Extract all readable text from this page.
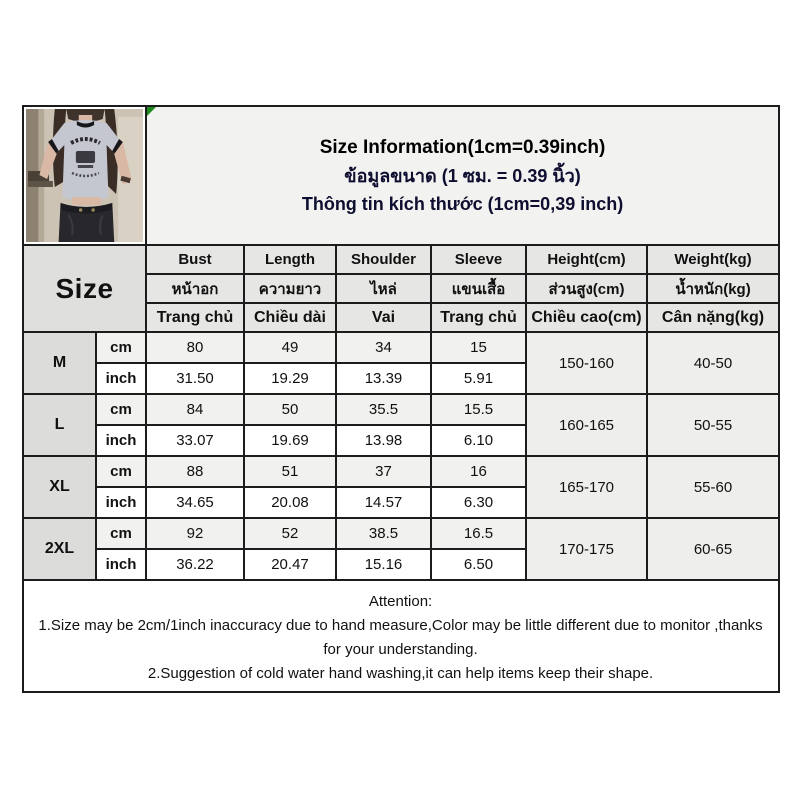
Size Information(1cm=0.39inch)
ข้อมูลขนาด (1 ซม. = 0.39 นิ้ว)
Thông tin kích thước (1cm=0,39 inch)					

Size		Bust	Length	Shoulder	Sleeve	Height(cm)	Weight(kg)
		หน้าอก	ความยาว	ไหล่	แขนเสื้อ	ส่วนสูง(cm)	น้ำหนัก(kg)
		Trang chủ	Chiều dài	Vai	Trang chủ	Chiều cao(cm)	Cân nặng(kg)
M	cm	80	49	34	15	150-160	40-50
	inch	31.50	19.29	13.39	5.91		
L	cm	84	50	35.5	15.5	160-165	50-55
	inch	33.07	19.69	13.98	6.10		
XL	cm	88	51	37	16	165-170	55-60
	inch	34.65	20.08	14.57	6.30		
2XL	cm	92	52	38.5	16.5	170-175	60-65
	inch	36.22	20.47	15.16	6.50		

Attention:
1.Size may be 2cm/1inch inaccuracy due to hand measure,Color may be little different due to monitor ,thanks for your understanding.
2.Suggestion of cold water hand washing,it can help items keep their shape.							
